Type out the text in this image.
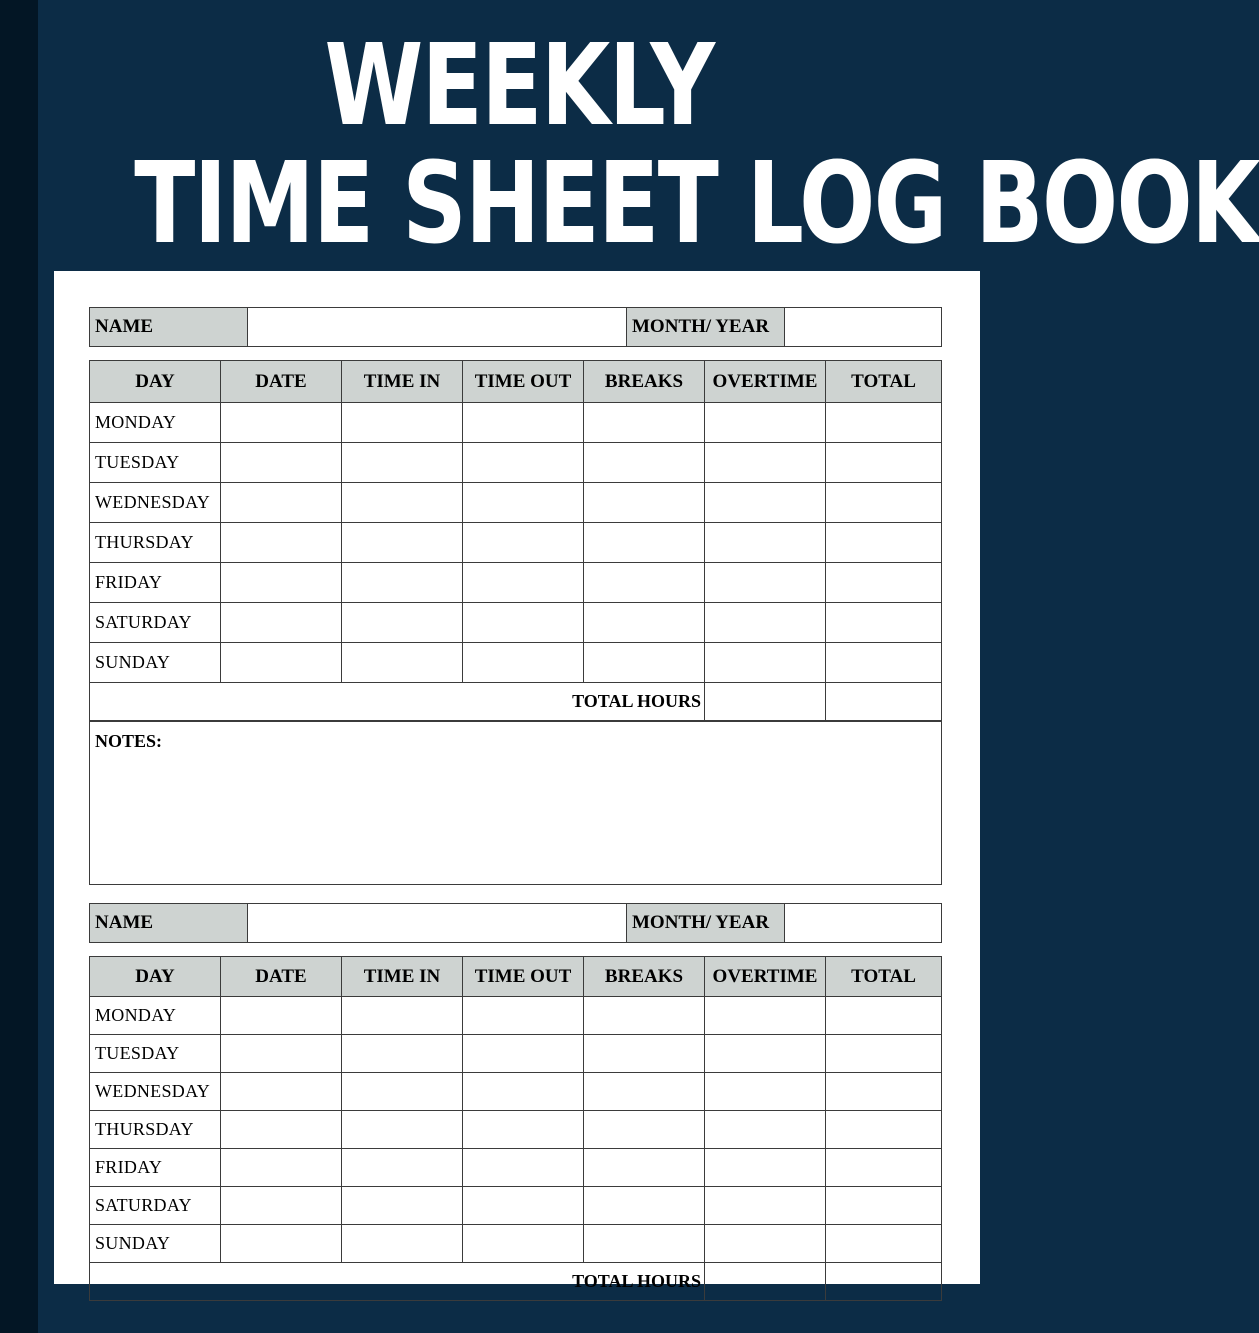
WEEKLY
TIME SHEET LOG BOOK
NAME		MONTH/ YEAR	
DAY	DATE	TIME IN	TIME OUT	BREAKS	OVERTIME	TOTAL
MONDAY						
TUESDAY						
WEDNESDAY						
THURSDAY						
FRIDAY						
SATURDAY						
SUNDAY						
TOTAL HOURS						
NOTES:
NAME		MONTH/ YEAR	
DAY	DATE	TIME IN	TIME OUT	BREAKS	OVERTIME	TOTAL
MONDAY						
TUESDAY						
WEDNESDAY						
THURSDAY						
FRIDAY						
SATURDAY						
SUNDAY						
TOTAL HOURS						
